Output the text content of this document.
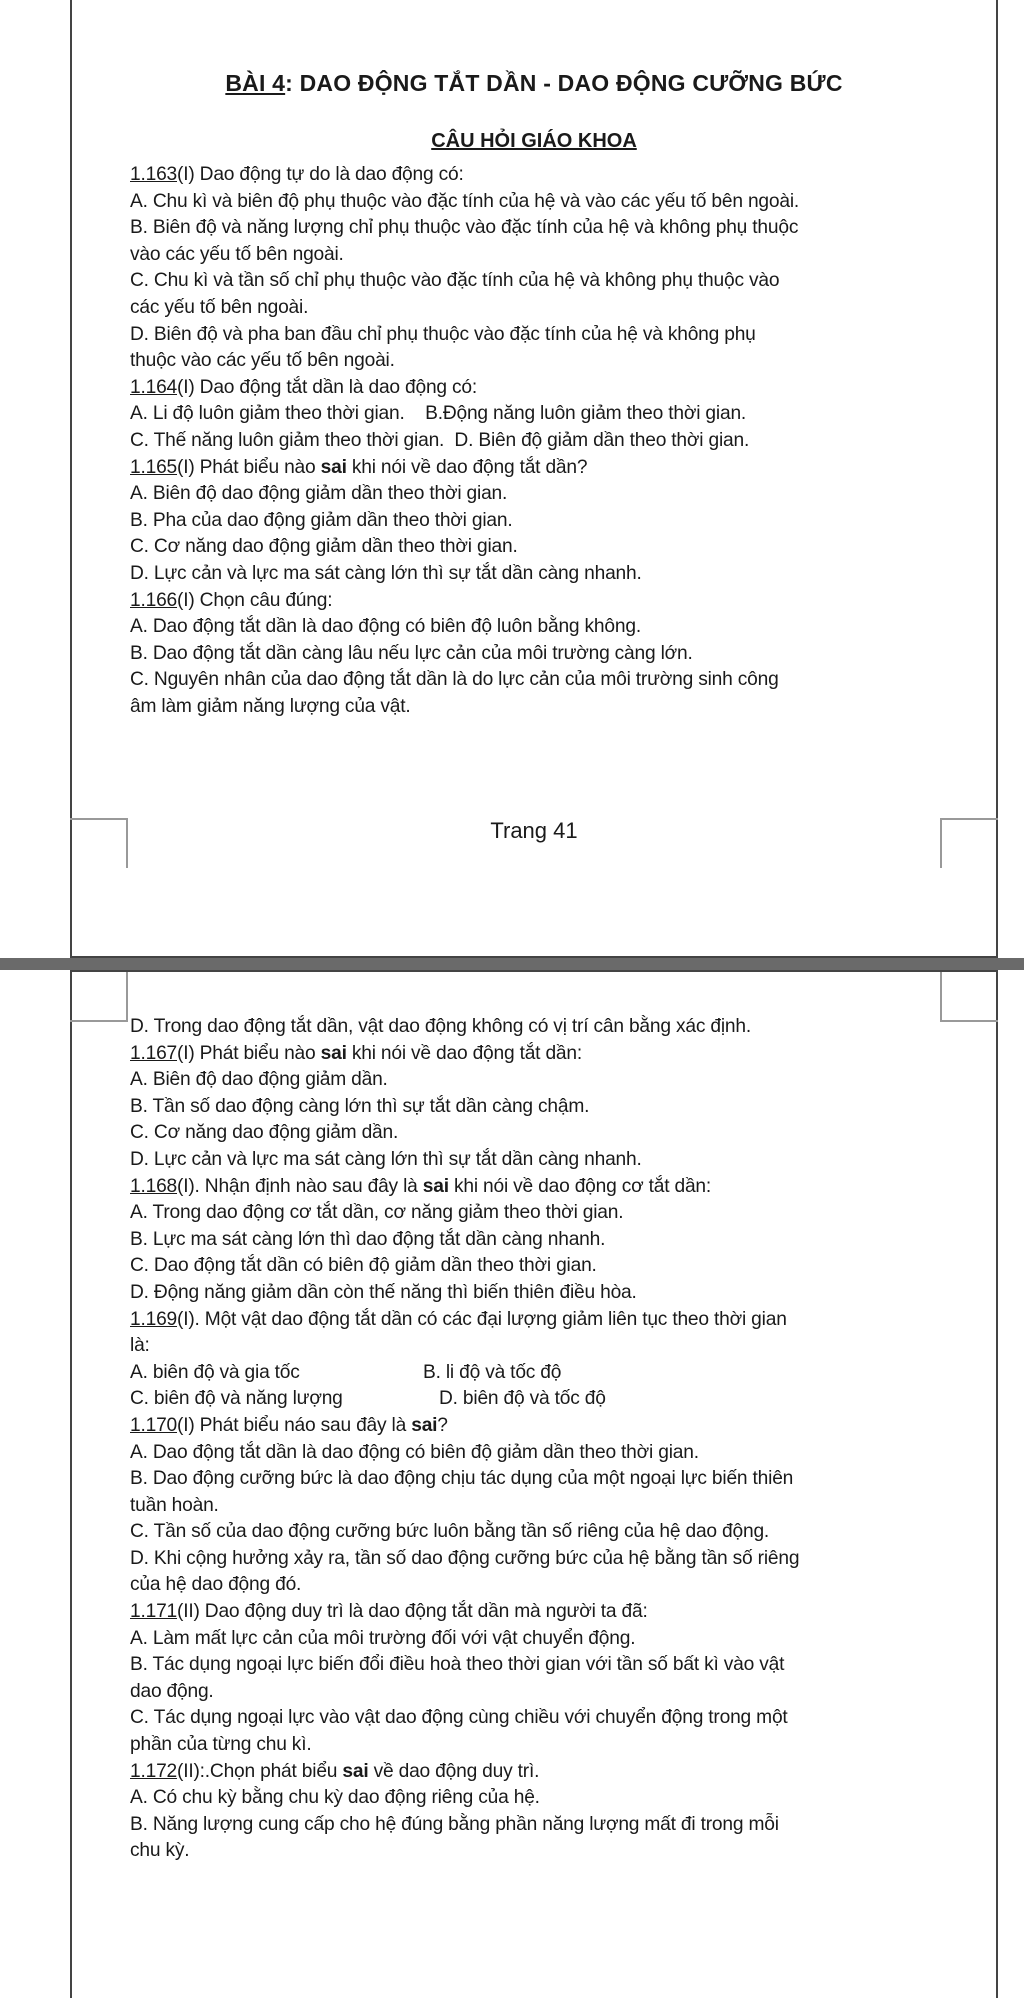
BÀI 4: DAO ĐỘNG TẮT DẦN - DAO ĐỘNG CƯỠNG BỨC
CÂU HỎI GIÁO KHOA

1.163(I) Dao động tự do là dao động có:

A. Chu kì và biên độ phụ thuộc vào đặc tính của hệ và vào các yếu tố bên ngoài.

B. Biên độ và năng lượng chỉ phụ thuộc vào đặc tính của hệ và không phụ thuộc

vào các yếu tố bên ngoài.

C. Chu kì và tần số chỉ phụ thuộc vào đặc tính của hệ và không phụ thuộc vào

các yếu tố bên ngoài.

D. Biên độ và pha ban đầu chỉ phụ thuộc vào đặc tính của hệ và không phụ

thuộc vào các yếu tố bên ngoài.

1.164(I) Dao động tắt dần là dao động có:

A. Li độ luôn giảm theo thời gian.    B.Động năng luôn giảm theo thời gian.

C. Thế năng luôn giảm theo thời gian.  D. Biên độ giảm dần theo thời gian.

1.165(I) Phát biểu nào sai khi nói về dao động tắt dần?

A. Biên độ dao động giảm dần theo thời gian.

B. Pha của dao động giảm dần theo thời gian.

C. Cơ năng dao động giảm dần theo thời gian.

D. Lực cản và lực ma sát càng lớn thì sự tắt dần càng nhanh.

1.166(I) Chọn câu đúng:

A. Dao động tắt dần là dao động có biên độ luôn bằng không.

B. Dao động tắt dần càng lâu nếu lực cản của môi trường càng lớn.

C. Nguyên nhân của dao động tắt dần là do lực cản của môi trường sinh công

âm làm giảm năng lượng của vật.

Trang 41

D. Trong dao động tắt dần, vật dao động không có vị trí cân bằng xác định.

1.167(I) Phát biểu nào sai khi nói về dao động tắt dần:

A. Biên độ dao động giảm dần.

B. Tần số dao động càng lớn thì sự tắt dần càng chậm.

C. Cơ năng dao động giảm dần.

D. Lực cản và lực ma sát càng lớn thì sự tắt dần càng nhanh.

1.168(I). Nhận định nào sau đây là sai khi nói về dao động cơ tắt dần:

A. Trong dao động cơ tắt dần, cơ năng giảm theo thời gian.

B. Lực ma sát càng lớn thì dao động tắt dần càng nhanh.

C. Dao động tắt dần có biên độ giảm dần theo thời gian.

D. Động năng giảm dần còn thế năng thì biến thiên điều hòa.

1.169(I). Một vật dao động tắt dần có các đại lượng giảm liên tục theo thời gian

là:

A. biên độ và gia tốc	B. li độ và tốc độ

C. biên độ và năng lượng	D. biên độ và tốc độ

1.170(I) Phát biểu náo sau đây là sai?

A. Dao động tắt dần là dao động có biên độ giảm dần theo thời gian.

B. Dao động cưỡng bức là dao động chịu tác dụng của một ngoại lực biến thiên

tuần hoàn.

C. Tần số của dao động cưỡng bức luôn bằng tần số riêng của hệ dao động.

D. Khi cộng hưởng xảy ra, tần số dao động cưỡng bức của hệ bằng tần số riêng

của hệ dao động đó.

1.171(II) Dao động duy trì là dao động tắt dần mà người ta đã:

A. Làm mất lực cản của môi trường đối với vật chuyển động.

B. Tác dụng ngoại lực biến đổi điều hoà theo thời gian với tần số bất kì vào vật

dao động.

C. Tác dụng ngoại lực vào vật dao động cùng chiều với chuyển động trong một

phần của từng chu kì.

1.172(II):.Chọn phát biểu sai về dao động duy trì.

A. Có chu kỳ bằng chu kỳ dao động riêng của hệ.

B. Năng lượng cung cấp cho hệ đúng bằng phần năng lượng mất đi trong mỗi

chu kỳ.
